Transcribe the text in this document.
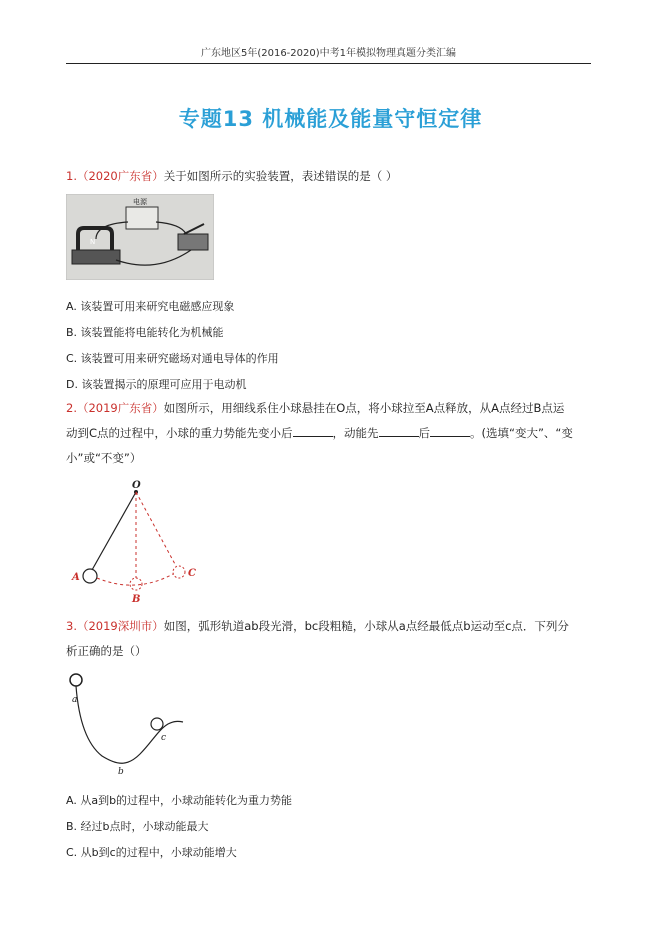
广东地区5年(2016-2020)中考1年模拟物理真题分类汇编
专题13 机械能及能量守恒定律
1.（2020广东省）关于如图所示的实验装置，表述错误的是（ ）
电源
N
A. 该装置可用来研究电磁感应现象
B. 该装置能将电能转化为机械能
C. 该装置可用来研究磁场对通电导体的作用
D. 该装置揭示的原理可应用于电动机
2.（2019广东省）如图所示，用细线系住小球悬挂在O点，将小球拉至A点释放，从A点经过B点运
动到C点的过程中，小球的重力势能先变小后	，动能先	后	。(选填“变大”、“变
小”或“不变”）
O
A
B
C
3.（2019深圳市）如图，弧形轨道ab段光滑，bc段粗糙，小球从a点经最低点b运动至c点．下列分
析正确的是（）
a
b
c
A. 从a到b的过程中，小球动能转化为重力势能
B. 经过b点时，小球动能最大
C. 从b到c的过程中，小球动能增大
